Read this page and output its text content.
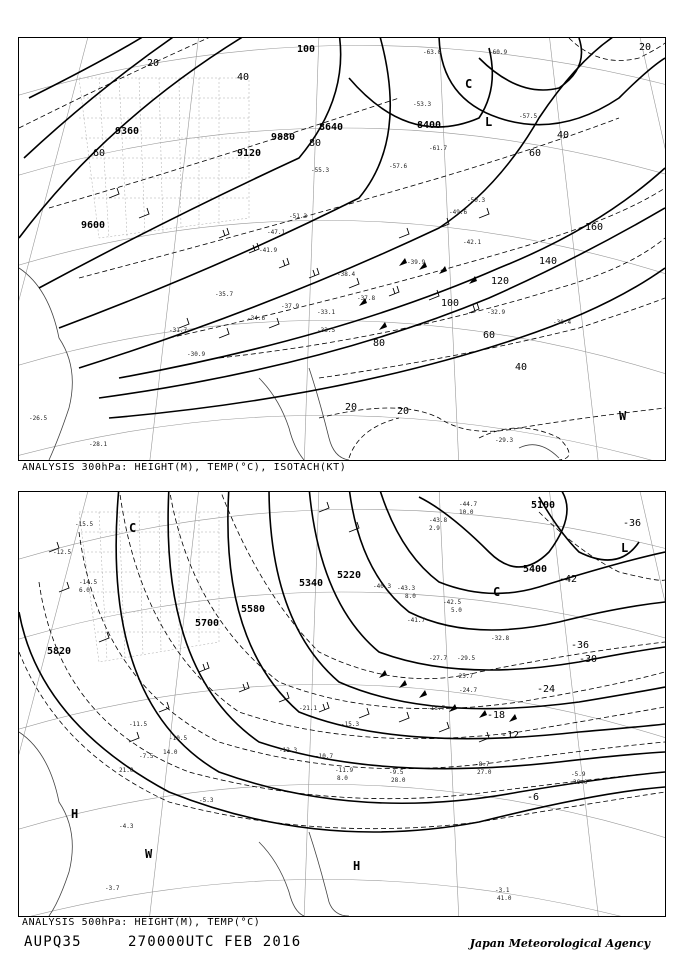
9360
9120
9600
9880
8640	8400
100
20
40
60
80
100
120
140
160
40
60
80
20	20
20
40
60
L
C
W
-37.9
-34.6
-33.1
-35.7
-38.4
-41.9
-47.1
-51.3
-55.3
-57.6
-61.7
-60.9
-63.0
-50.3
-49.6
-42.1
-39.9
-37.8
-32.9
-30.4
-31.7
-29.3
-30.9
-33.5
-26.5
-28.1
-57.5
-53.3
ANALYSIS 300hPa: HEIGHT(M), TEMP(°C), ISOTACH(KT)
5100
5400
5220
5340
5580
5700
5820
-36
-42
-36
-30
-24
-18
-12
-6
C
L
C
H
H
W
-44.7
-43.8
-43.3
-42.5
-41.7
-32.8
-29.5
-27.7
-25.7
-24.7
-21.1	-18.7
-15.3
-12.3
-11.9
-10.7
-9.5
-8.7
-5.9
-5.3
-4.3
-3.7	-3.1
-40.3
-15.5
-12.5
-14.5
-11.5
-10.5
-7.5
10.0
2.9
8.0
5.0
27.0
26.0
41.0
28.0
6.0
14.0
21.0
8.0
ANALYSIS 500hPa: HEIGHT(M), TEMP(°C)
AUPQ35	270000UTC FEB 2016	Japan Meteorological Agency
